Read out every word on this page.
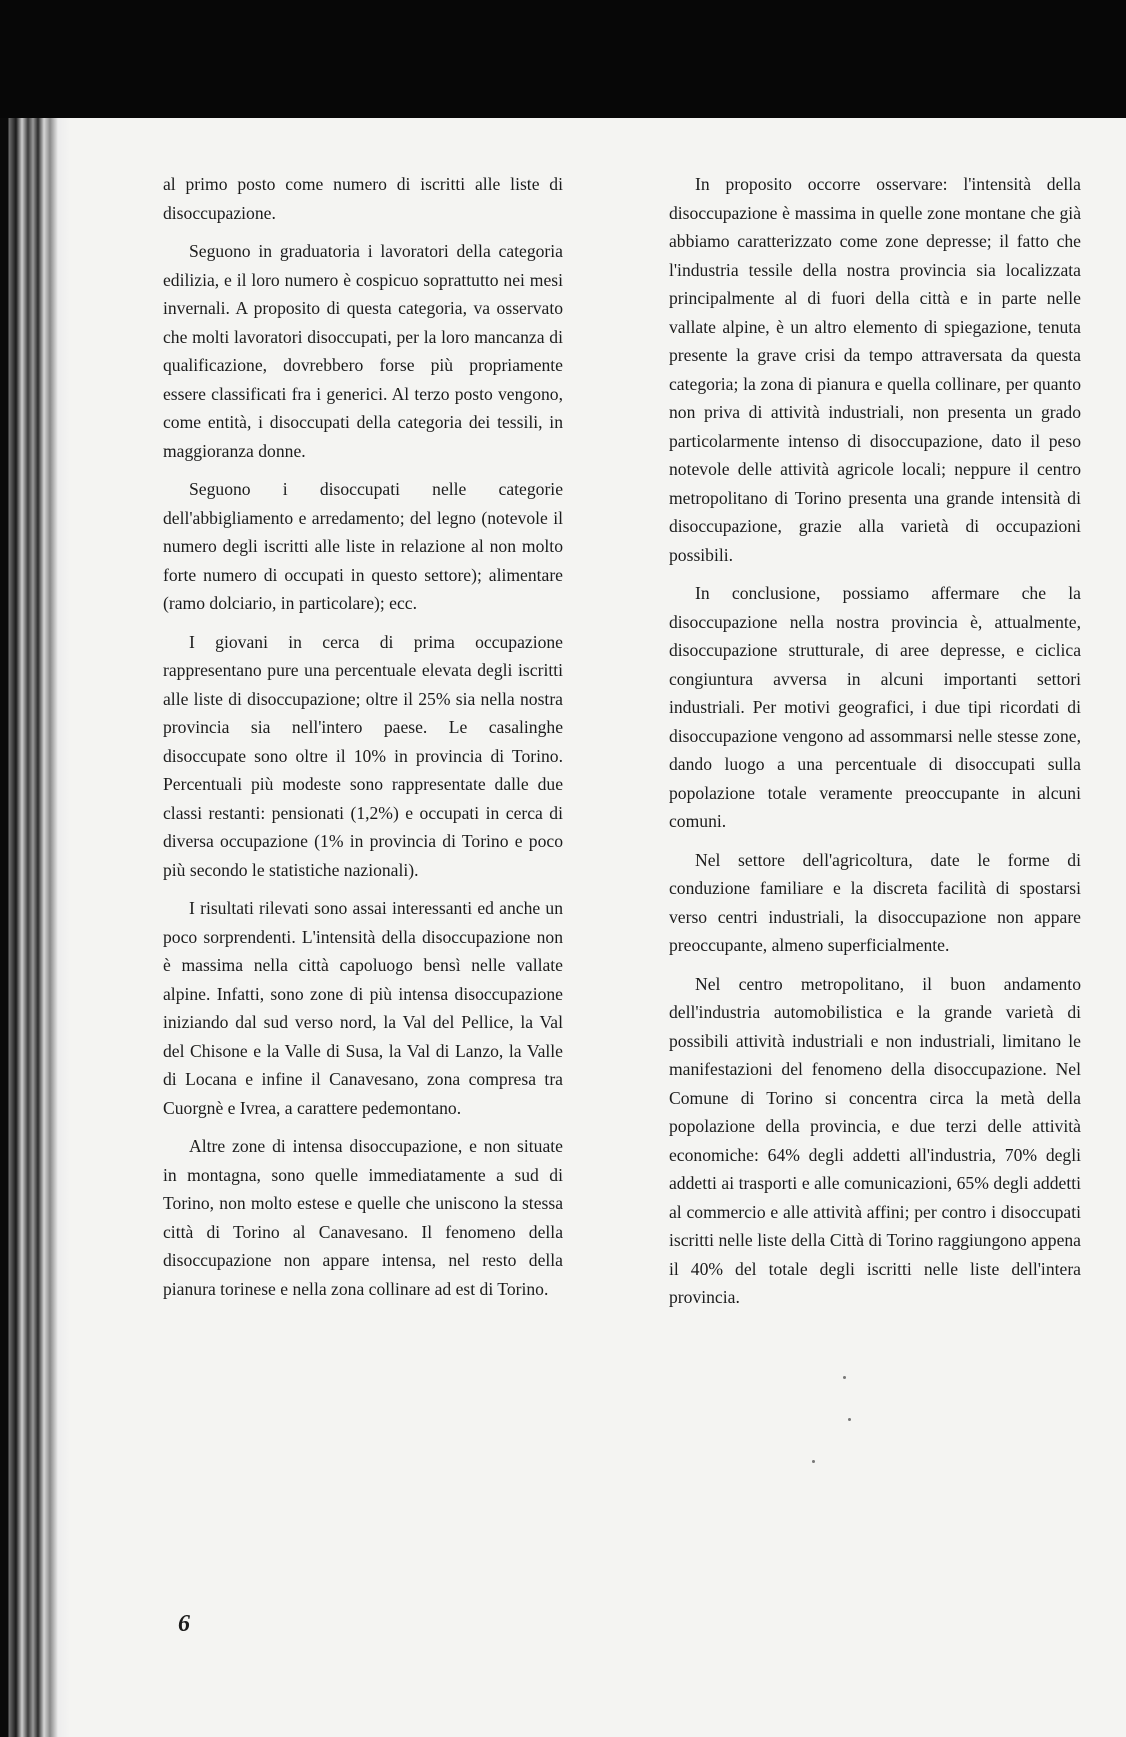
al primo posto come numero di iscritti alle liste di disoccupazione.

Seguono in graduatoria i lavoratori della categoria edilizia, e il loro numero è cospicuo soprattutto nei mesi invernali. A proposito di questa categoria, va osservato che molti lavoratori disoccupati, per la loro mancanza di qualificazione, dovrebbero forse più propriamente essere classificati fra i generici. Al terzo posto vengono, come entità, i disoccupati della categoria dei tessili, in maggioranza donne.

Seguono i disoccupati nelle categorie dell'abbigliamento e arredamento; del legno (notevole il numero degli iscritti alle liste in relazione al non molto forte numero di occupati in questo settore); alimentare (ramo dolciario, in particolare); ecc.

I giovani in cerca di prima occupazione rappresentano pure una percentuale elevata degli iscritti alle liste di disoccupazione; oltre il 25% sia nella nostra provincia sia nell'intero paese. Le casalinghe disoccupate sono oltre il 10% in provincia di Torino. Percentuali più modeste sono rappresentate dalle due classi restanti: pensionati (1,2%) e occupati in cerca di diversa occupazione (1% in provincia di Torino e poco più secondo le statistiche nazionali).

I risultati rilevati sono assai interessanti ed anche un poco sorprendenti. L'intensità della disoccupazione non è massima nella città capoluogo bensì nelle vallate alpine. Infatti, sono zone di più intensa disoccupazione iniziando dal sud verso nord, la Val del Pellice, la Val del Chisone e la Valle di Susa, la Val di Lanzo, la Valle di Locana e infine il Canavesano, zona compresa tra Cuorgnè e Ivrea, a carattere pedemontano.

Altre zone di intensa disoccupazione, e non situate in montagna, sono quelle immediatamente a sud di Torino, non molto estese e quelle che uniscono la stessa città di Torino al Canavesano. Il fenomeno della disoccupazione non appare intensa, nel resto della pianura torinese e nella zona collinare ad est di Torino.

In proposito occorre osservare: l'intensità della disoccupazione è massima in quelle zone montane che già abbiamo caratterizzato come zone depresse; il fatto che l'industria tessile della nostra provincia sia localizzata principalmente al di fuori della città e in parte nelle vallate alpine, è un altro elemento di spiegazione, tenuta presente la grave crisi da tempo attraversata da questa categoria; la zona di pianura e quella collinare, per quanto non priva di attività industriali, non presenta un grado particolarmente intenso di disoccupazione, dato il peso notevole delle attività agricole locali; neppure il centro metropolitano di Torino presenta una grande intensità di disoccupazione, grazie alla varietà di occupazioni possibili.

In conclusione, possiamo affermare che la disoccupazione nella nostra provincia è, attualmente, disoccupazione strutturale, di aree depresse, e ciclica congiuntura avversa in alcuni importanti settori industriali. Per motivi geografici, i due tipi ricordati di disoccupazione vengono ad assommarsi nelle stesse zone, dando luogo a una percentuale di disoccupati sulla popolazione totale veramente preoccupante in alcuni comuni.

Nel settore dell'agricoltura, date le forme di conduzione familiare e la discreta facilità di spostarsi verso centri industriali, la disoccupazione non appare preoccupante, almeno superficialmente.

Nel centro metropolitano, il buon andamento dell'industria automobilistica e la grande varietà di possibili attività industriali e non industriali, limitano le manifestazioni del fenomeno della disoccupazione. Nel Comune di Torino si concentra circa la metà della popolazione della provincia, e due terzi delle attività economiche: 64% degli addetti all'industria, 70% degli addetti ai trasporti e alle comunicazioni, 65% degli addetti al commercio e alle attività affini; per contro i disoccupati iscritti nelle liste della Città di Torino raggiungono appena il 40% del totale degli iscritti nelle liste dell'intera provincia.

6
